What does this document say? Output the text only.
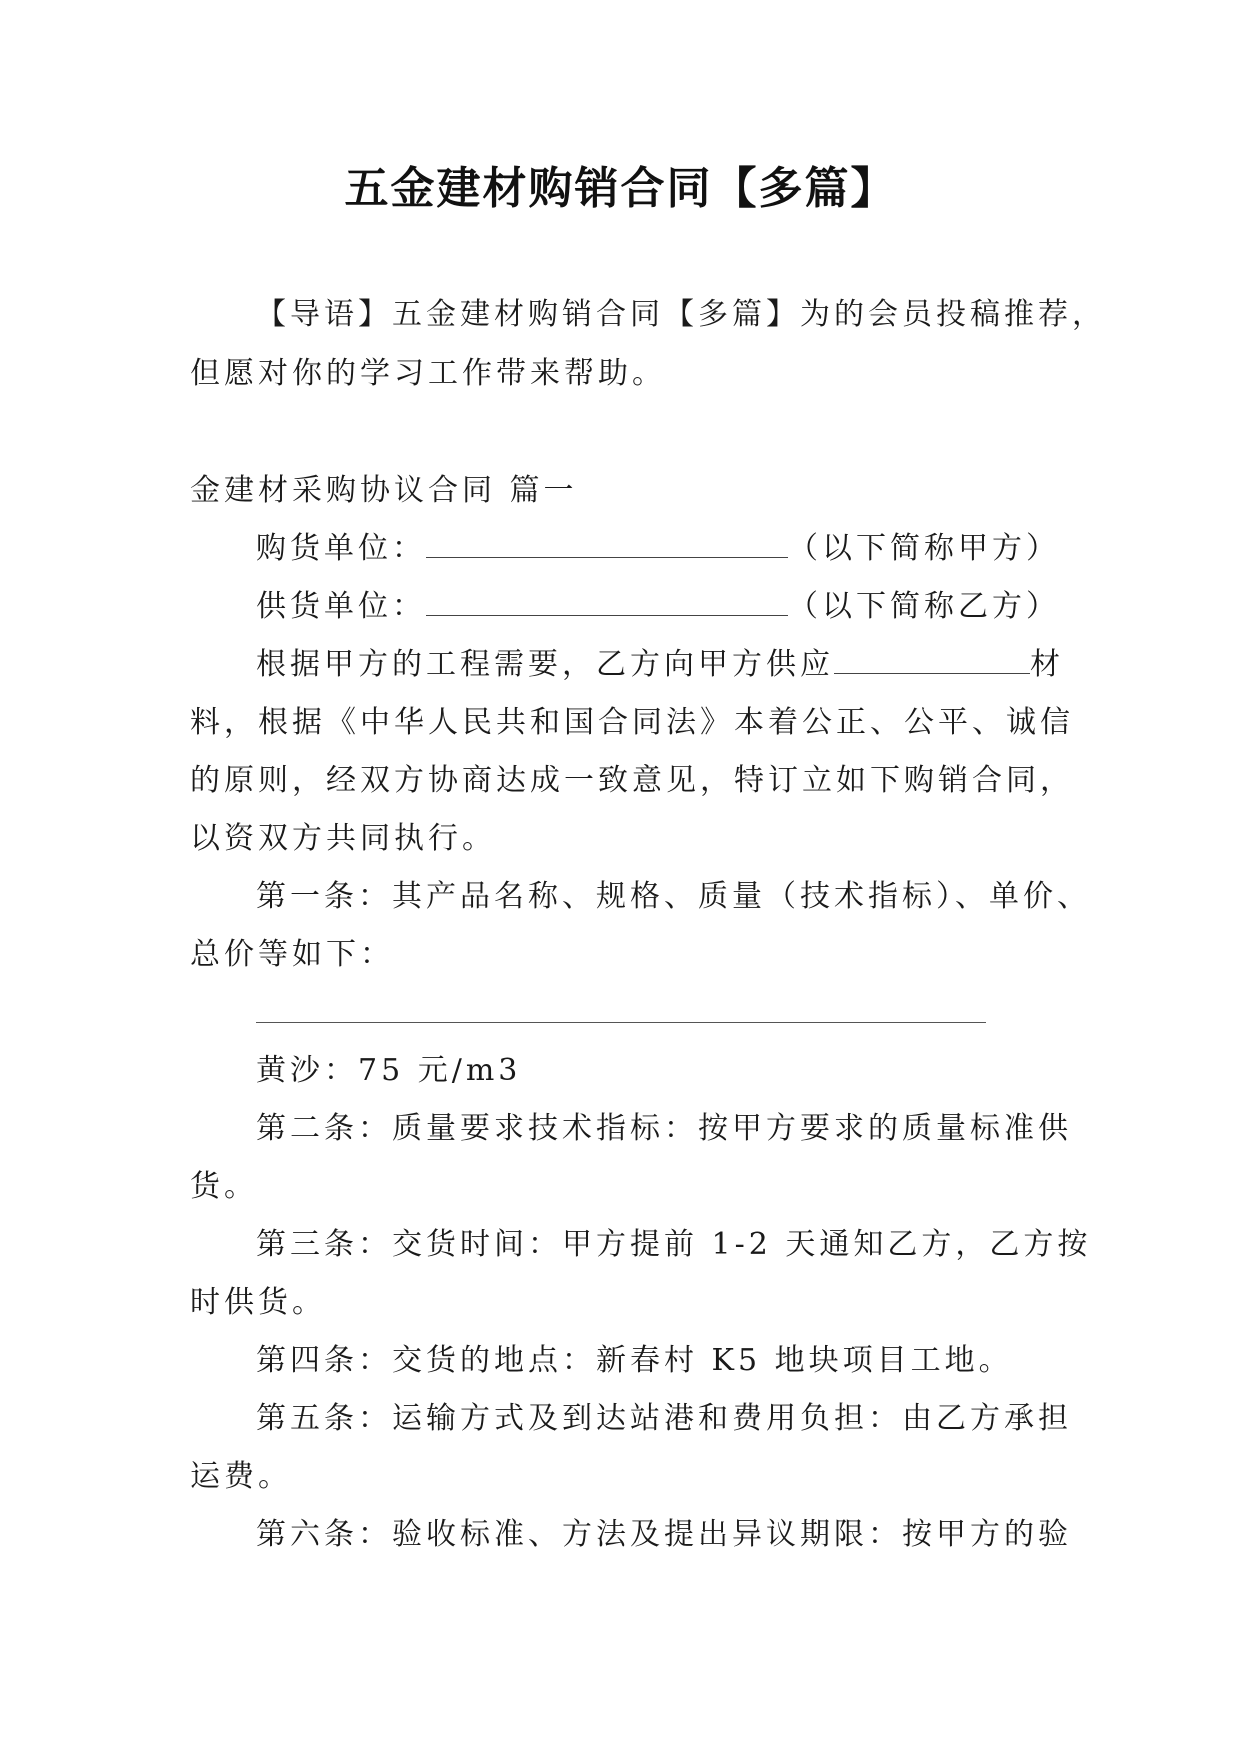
五金建材购销合同【多篇】
【导语】五金建材购销合同【多篇】为的会员投稿推荐，
但愿对你的学习工作带来帮助。
金建材采购协议合同 篇一
购货单位：	（以下简称甲方）
供货单位：	（以下简称乙方）
根据甲方的工程需要，乙方向甲方供应	材
料，根据《中华人民共和国合同法》本着公正、公平、诚信
的原则，经双方协商达成一致意见，特订立如下购销合同，
以资双方共同执行。
第一条：其产品名称、规格、质量（技术指标）、单价、
总价等如下：
黄沙：75 元/m3
第二条：质量要求技术指标：按甲方要求的质量标准供
货。
第三条：交货时间：甲方提前 1-2 天通知乙方，乙方按
时供货。
第四条：交货的地点：新春村 K5 地块项目工地。
第五条：运输方式及到达站港和费用负担：由乙方承担
运费。
第六条：验收标准、方法及提出异议期限：按甲方的验
